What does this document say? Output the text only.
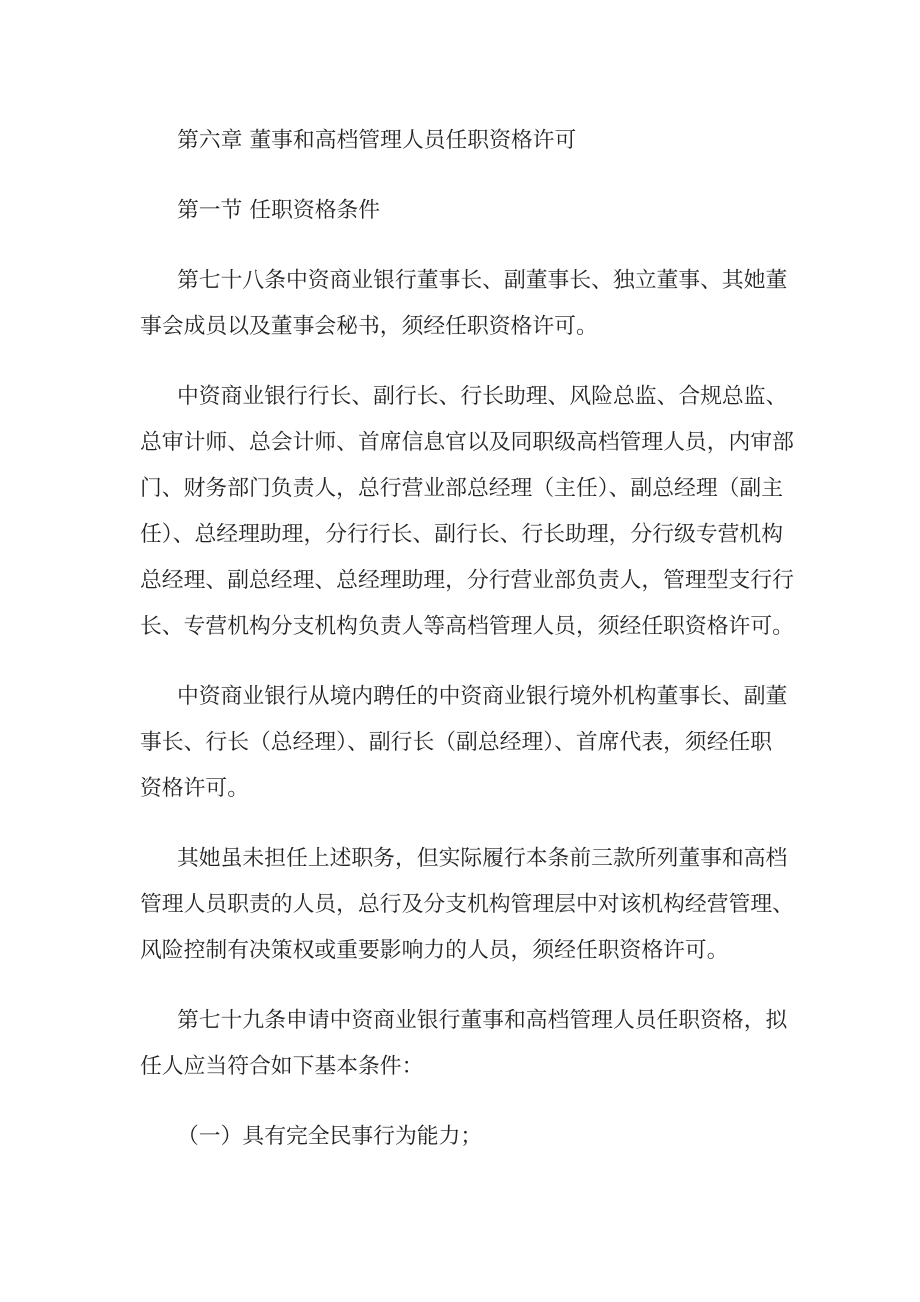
第六章 董事和高档管理人员任职资格许可
第一节 任职资格条件
第七十八条中资商业银行董事长、副董事长、独立董事、其她董
事会成员以及董事会秘书，须经任职资格许可。
中资商业银行行长、副行长、行长助理、风险总监、合规总监、
总审计师、总会计师、首席信息官以及同职级高档管理人员，内审部
门、财务部门负责人，总行营业部总经理（主任）、副总经理（副主
任）、总经理助理，分行行长、副行长、行长助理，分行级专营机构
总经理、副总经理、总经理助理，分行营业部负责人，管理型支行行
长、专营机构分支机构负责人等高档管理人员，须经任职资格许可。
中资商业银行从境内聘任的中资商业银行境外机构董事长、副董
事长、行长（总经理）、副行长（副总经理）、首席代表，须经任职
资格许可。
其她虽未担任上述职务，但实际履行本条前三款所列董事和高档
管理人员职责的人员，总行及分支机构管理层中对该机构经营管理、
风险控制有决策权或重要影响力的人员，须经任职资格许可。
第七十九条申请中资商业银行董事和高档管理人员任职资格，拟
任人应当符合如下基本条件：
（一）具有完全民事行为能力；
